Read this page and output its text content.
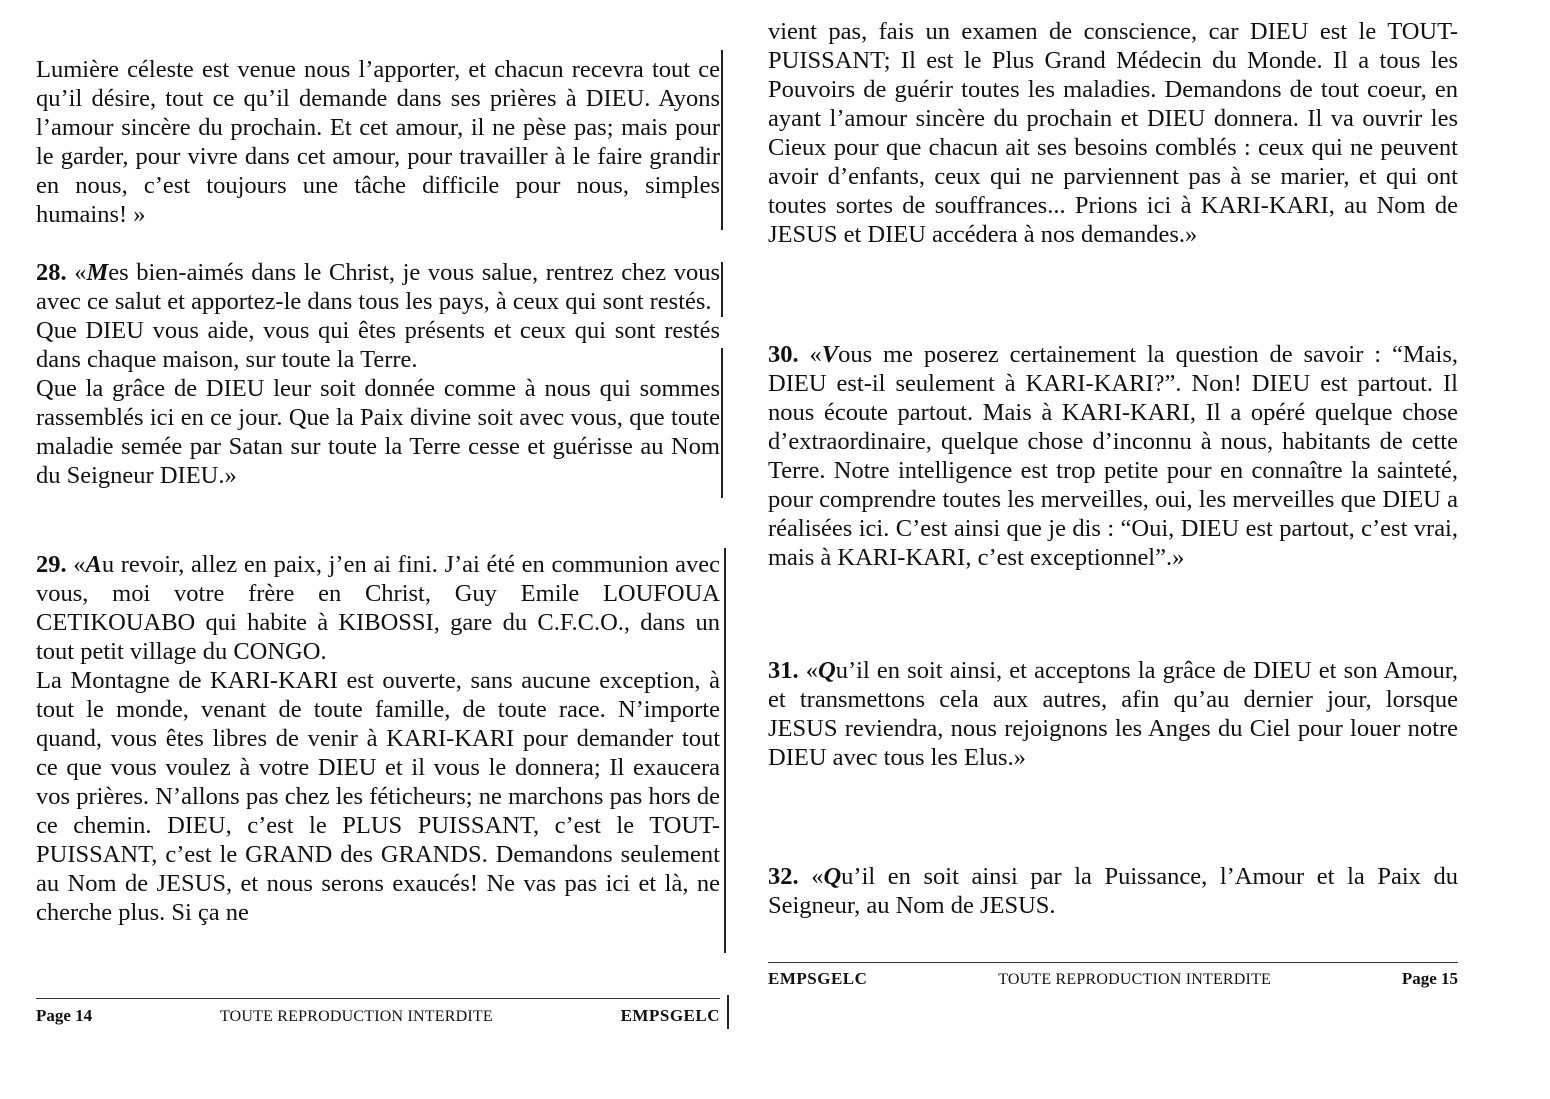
Lumière céleste est venue nous l’apporter, et chacun recevra tout ce qu’il désire, tout ce qu’il demande dans ses prières à DIEU. Ayons l’amour sincère du prochain. Et cet amour, il ne pèse pas; mais pour le garder, pour vivre dans cet amour, pour travailler à le faire grandir en nous, c’est toujours une tâche difficile pour nous, simples humains! »

28. «Mes bien-aimés dans le Christ, je vous salue, rentrez chez vous avec ce salut et apportez-le dans tous les pays, à ceux qui sont restés.

Que DIEU vous aide, vous qui êtes présents et ceux qui sont restés dans chaque maison, sur toute la Terre.

Que la grâce de DIEU leur soit donnée comme à nous qui sommes rassemblés ici en ce jour. Que la Paix divine soit avec vous, que toute maladie semée par Satan sur toute la Terre cesse et guérisse au Nom du Seigneur DIEU.»

29. «Au revoir, allez en paix, j’en ai fini. J’ai été en communion avec vous, moi votre frère en Christ, Guy Emile LOUFOUA CETIKOUABO qui habite à KIBOSSI, gare du C.F.C.O., dans un tout petit village du CONGO.

La Montagne de KARI-KARI est ouverte, sans aucune exception, à tout le monde, venant de toute famille, de toute race. N’importe quand, vous êtes libres de venir à KARI-KARI pour demander tout ce que vous voulez à votre DIEU et il vous le donnera; Il exaucera vos prières. N’allons pas chez les féticheurs; ne marchons pas hors de ce chemin. DIEU, c’est le PLUS PUISSANT, c’est le TOUT-PUISSANT, c’est le GRAND des GRANDS. Demandons seulement au Nom de JESUS, et nous serons exaucés! Ne vas pas ici et là, ne cherche plus. Si ça ne

Page 14	TOUTE REPRODUCTION INTERDITE	EMPSGELC

vient pas, fais un examen de conscience, car DIEU est le TOUT-PUISSANT; Il est le Plus Grand Médecin du Monde. Il a tous les Pouvoirs de guérir toutes les maladies. Demandons de tout coeur, en ayant l’amour sincère du prochain et DIEU donnera. Il va ouvrir les Cieux pour que chacun ait ses besoins comblés : ceux qui ne peuvent avoir d’enfants, ceux qui ne parviennent pas à se marier, et qui ont toutes sortes de souffrances... Prions ici à KARI-KARI, au Nom de JESUS et DIEU accédera à nos demandes.»

30. «Vous me poserez certainement la question de savoir : “Mais, DIEU est-il seulement à KARI-KARI?”. Non! DIEU est partout. Il nous écoute partout. Mais à KARI-KARI, Il a opéré quelque chose d’extraordinaire, quelque chose d’inconnu à nous, habitants de cette Terre. Notre intelligence est trop petite pour en connaître la sainteté, pour comprendre toutes les merveilles, oui, les merveilles que DIEU a réalisées ici. C’est ainsi que je dis : “Oui, DIEU est partout, c’est vrai, mais à KARI-KARI, c’est exceptionnel”.»

31. «Qu’il en soit ainsi, et acceptons la grâce de DIEU et son Amour, et transmettons cela aux autres, afin qu’au dernier jour, lorsque JESUS reviendra, nous rejoignons les Anges du Ciel pour louer notre DIEU avec tous les Elus.»

32. «Qu’il en soit ainsi par la Puissance, l’Amour et la Paix du Seigneur, au Nom de JESUS.

EMPSGELC	TOUTE REPRODUCTION INTERDITE	Page 15
